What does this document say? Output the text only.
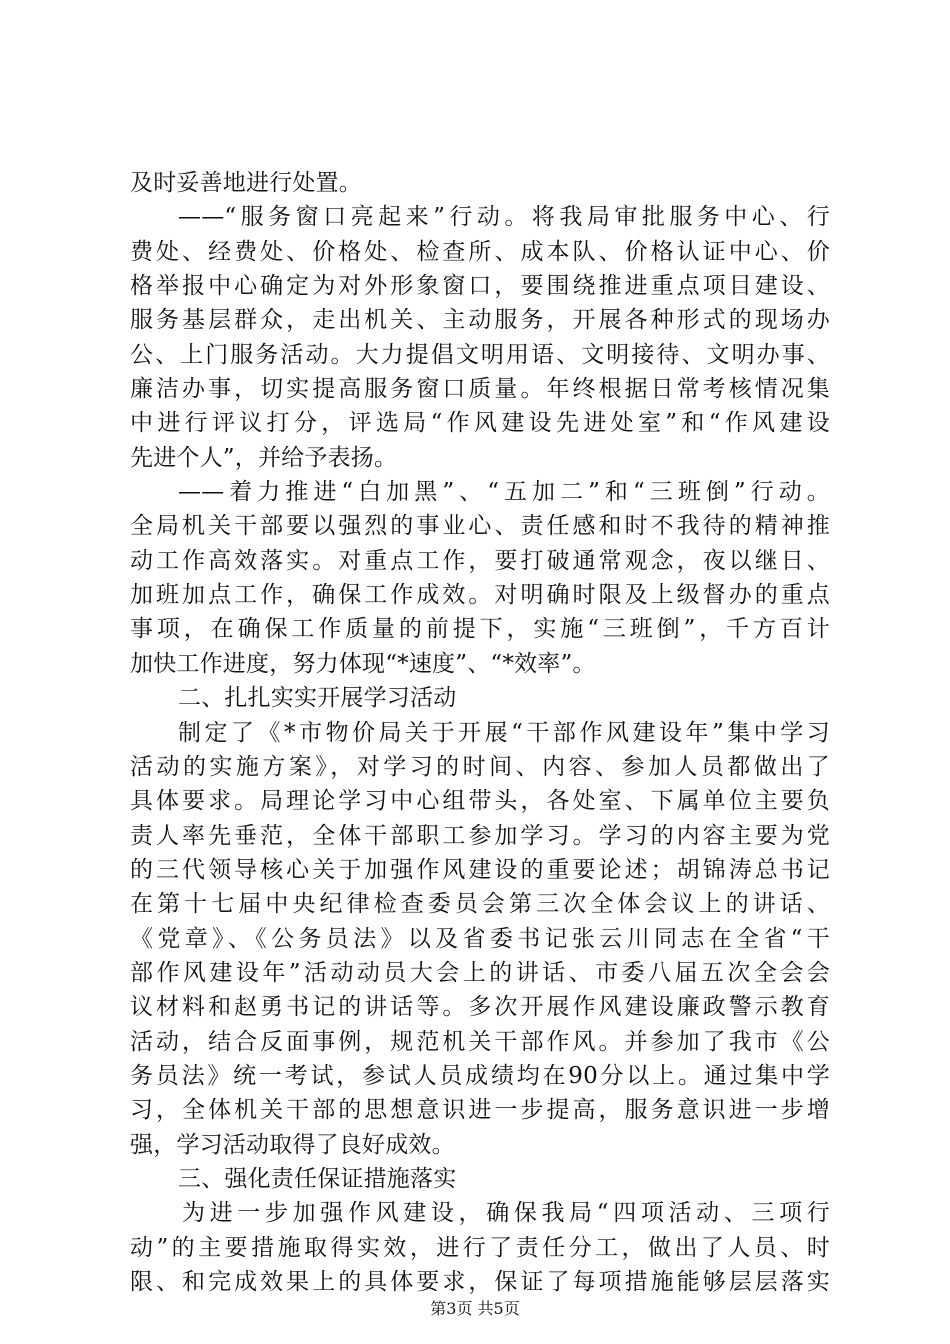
及时妥善地进行处置。
——“服务窗口亮起来”行动。将我局审批服务中心、行
费处、经费处、价格处、检查所、成本队、价格认证中心、价
格举报中心确定为对外形象窗口，要围绕推进重点项目建设、
服务基层群众，走出机关、主动服务，开展各种形式的现场办
公、上门服务活动。大力提倡文明用语、文明接待、文明办事、
廉洁办事，切实提高服务窗口质量。年终根据日常考核情况集
中进行评议打分，评选局“作风建设先进处室”和“作风建设
先进个人”，并给予表扬。
——着力推进“白加黑”、“五加二”和“三班倒”行动。
全局机关干部要以强烈的事业心、责任感和时不我待的精神推
动工作高效落实。对重点工作，要打破通常观念，夜以继日、
加班加点工作，确保工作成效。对明确时限及上级督办的重点
事项，在确保工作质量的前提下，实施“三班倒”，千方百计
加快工作进度，努力体现“*速度”、“*效率”。
二、扎扎实实开展学习活动
制定了《*市物价局关于开展“干部作风建设年”集中学习
活动的实施方案》，对学习的时间、内容、参加人员都做出了
具体要求。局理论学习中心组带头，各处室、下属单位主要负
责人率先垂范，全体干部职工参加学习。学习的内容主要为党
的三代领导核心关于加强作风建设的重要论述；胡锦涛总书记
在第十七届中央纪律检查委员会第三次全体会议上的讲话、
《党章》、《公务员法》以及省委书记张云川同志在全省“干
部作风建设年”活动动员大会上的讲话、市委八届五次全会会
议材料和赵勇书记的讲话等。多次开展作风建设廉政警示教育
活动，结合反面事例，规范机关干部作风。并参加了我市《公
务员法》统一考试，参试人员成绩均在90分以上。通过集中学
习，全体机关干部的思想意识进一步提高，服务意识进一步增
强，学习活动取得了良好成效。
三、强化责任保证措施落实
为进一步加强作风建设，确保我局“四项活动、三项行
动”的主要措施取得实效，进行了责任分工，做出了人员、时
限、和完成效果上的具体要求，保证了每项措施能够层层落实
第3页 共5页
